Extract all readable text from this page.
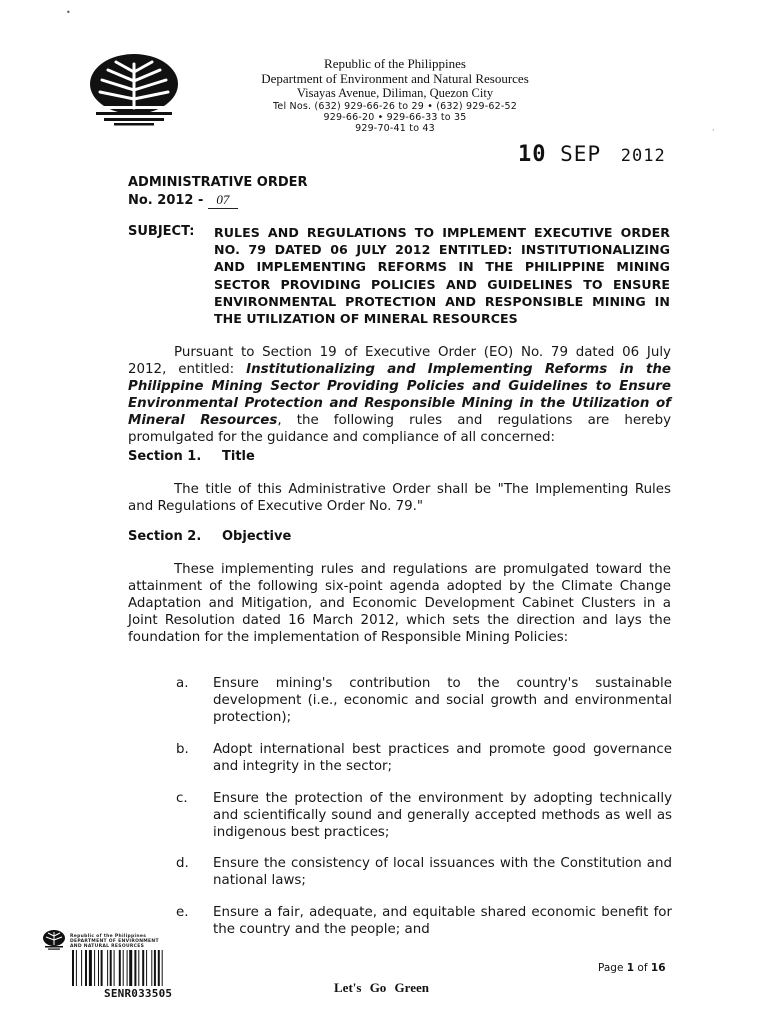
Republic of the Philippines
Department of Environment and Natural Resources
Visayas Avenue, Diliman, Quezon City
Tel Nos. (632) 929-66-26 to 29 • (632) 929-62-52
929-66-20 • 929-66-33 to 35
929-70-41 to 43
•
·
10 SEP 2012
ADMINISTRATIVE ORDER
No. 2012 - 07
SUBJECT: RULES AND REGULATIONS TO IMPLEMENT EXECUTIVE ORDER NO. 79 DATED 06 JULY 2012 ENTITLED: INSTITUTIONALIZING AND IMPLEMENTING REFORMS IN THE PHILIPPINE MINING SECTOR PROVIDING POLICIES AND GUIDELINES TO ENSURE ENVIRONMENTAL PROTECTION AND RESPONSIBLE MINING IN THE UTILIZATION OF MINERAL RESOURCES
Pursuant to Section 19 of Executive Order (EO) No. 79 dated 06 July 2012, entitled: Institutionalizing and Implementing Reforms in the Philippine Mining Sector Providing Policies and Guidelines to Ensure Environmental Protection and Responsible Mining in the Utilization of Mineral Resources, the following rules and regulations are hereby promulgated for the guidance and compliance of all concerned:
Section 1. Title
The title of this Administrative Order shall be "The Implementing Rules and Regulations of Executive Order No. 79."
Section 2. Objective
These implementing rules and regulations are promulgated toward the attainment of the following six-point agenda adopted by the Climate Change Adaptation and Mitigation, and Economic Development Cabinet Clusters in a Joint Resolution dated 16 March 2012, which sets the direction and lays the foundation for the implementation of Responsible Mining Policies:
a. Ensure mining's contribution to the country's sustainable development (i.e., economic and social growth and environmental protection);
b. Adopt international best practices and promote good governance and integrity in the sector;
c. Ensure the protection of the environment by adopting technically and scientifically sound and generally accepted methods as well as indigenous best practices;
d. Ensure the consistency of local issuances with the Constitution and national laws;
e. Ensure a fair, adequate, and equitable shared economic benefit for the country and the people; and
Republic of the Philippines
DEPARTMENT OF ENVIRONMENT
AND NATURAL RESOURCES
SENR033505	Let's Go Green
Page 1 of 16
